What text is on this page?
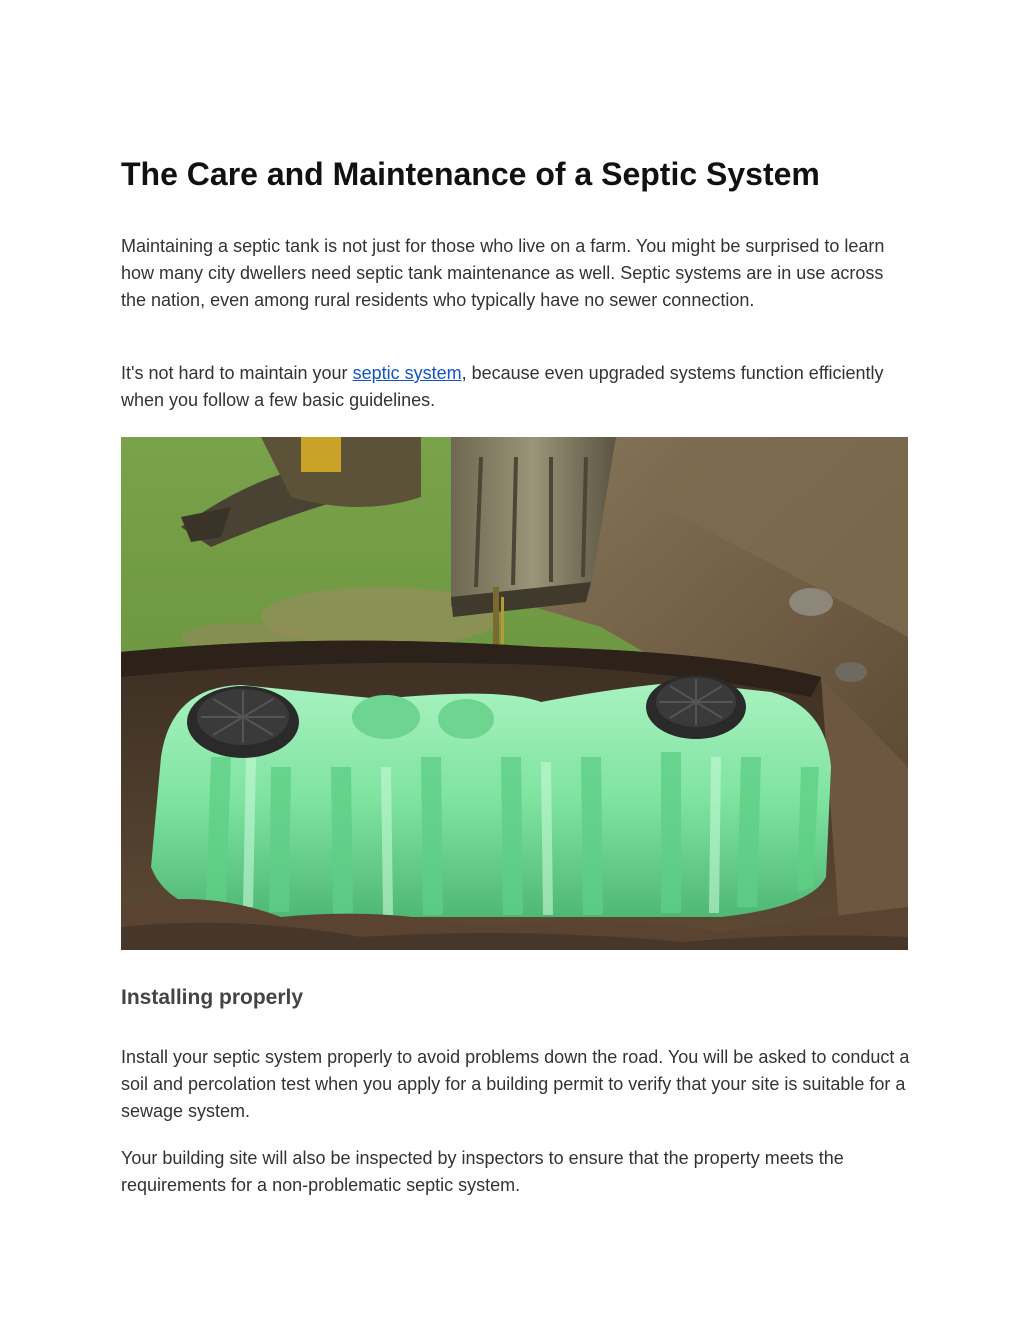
The Care and Maintenance of a Septic System

Maintaining a septic tank is not just for those who live on a farm. You might be surprised to learn how many city dwellers need septic tank maintenance as well. Septic systems are in use across the nation, even among rural residents who typically have no sewer connection.

It's not hard to maintain your septic system, because even upgraded systems function efficiently when you follow a few basic guidelines.

Installing properly

Install your septic system properly to avoid problems down the road. You will be asked to conduct a soil and percolation test when you apply for a building permit to verify that your site is suitable for a sewage system.

Your building site will also be inspected by inspectors to ensure that the property meets the requirements for a non-problematic septic system.
